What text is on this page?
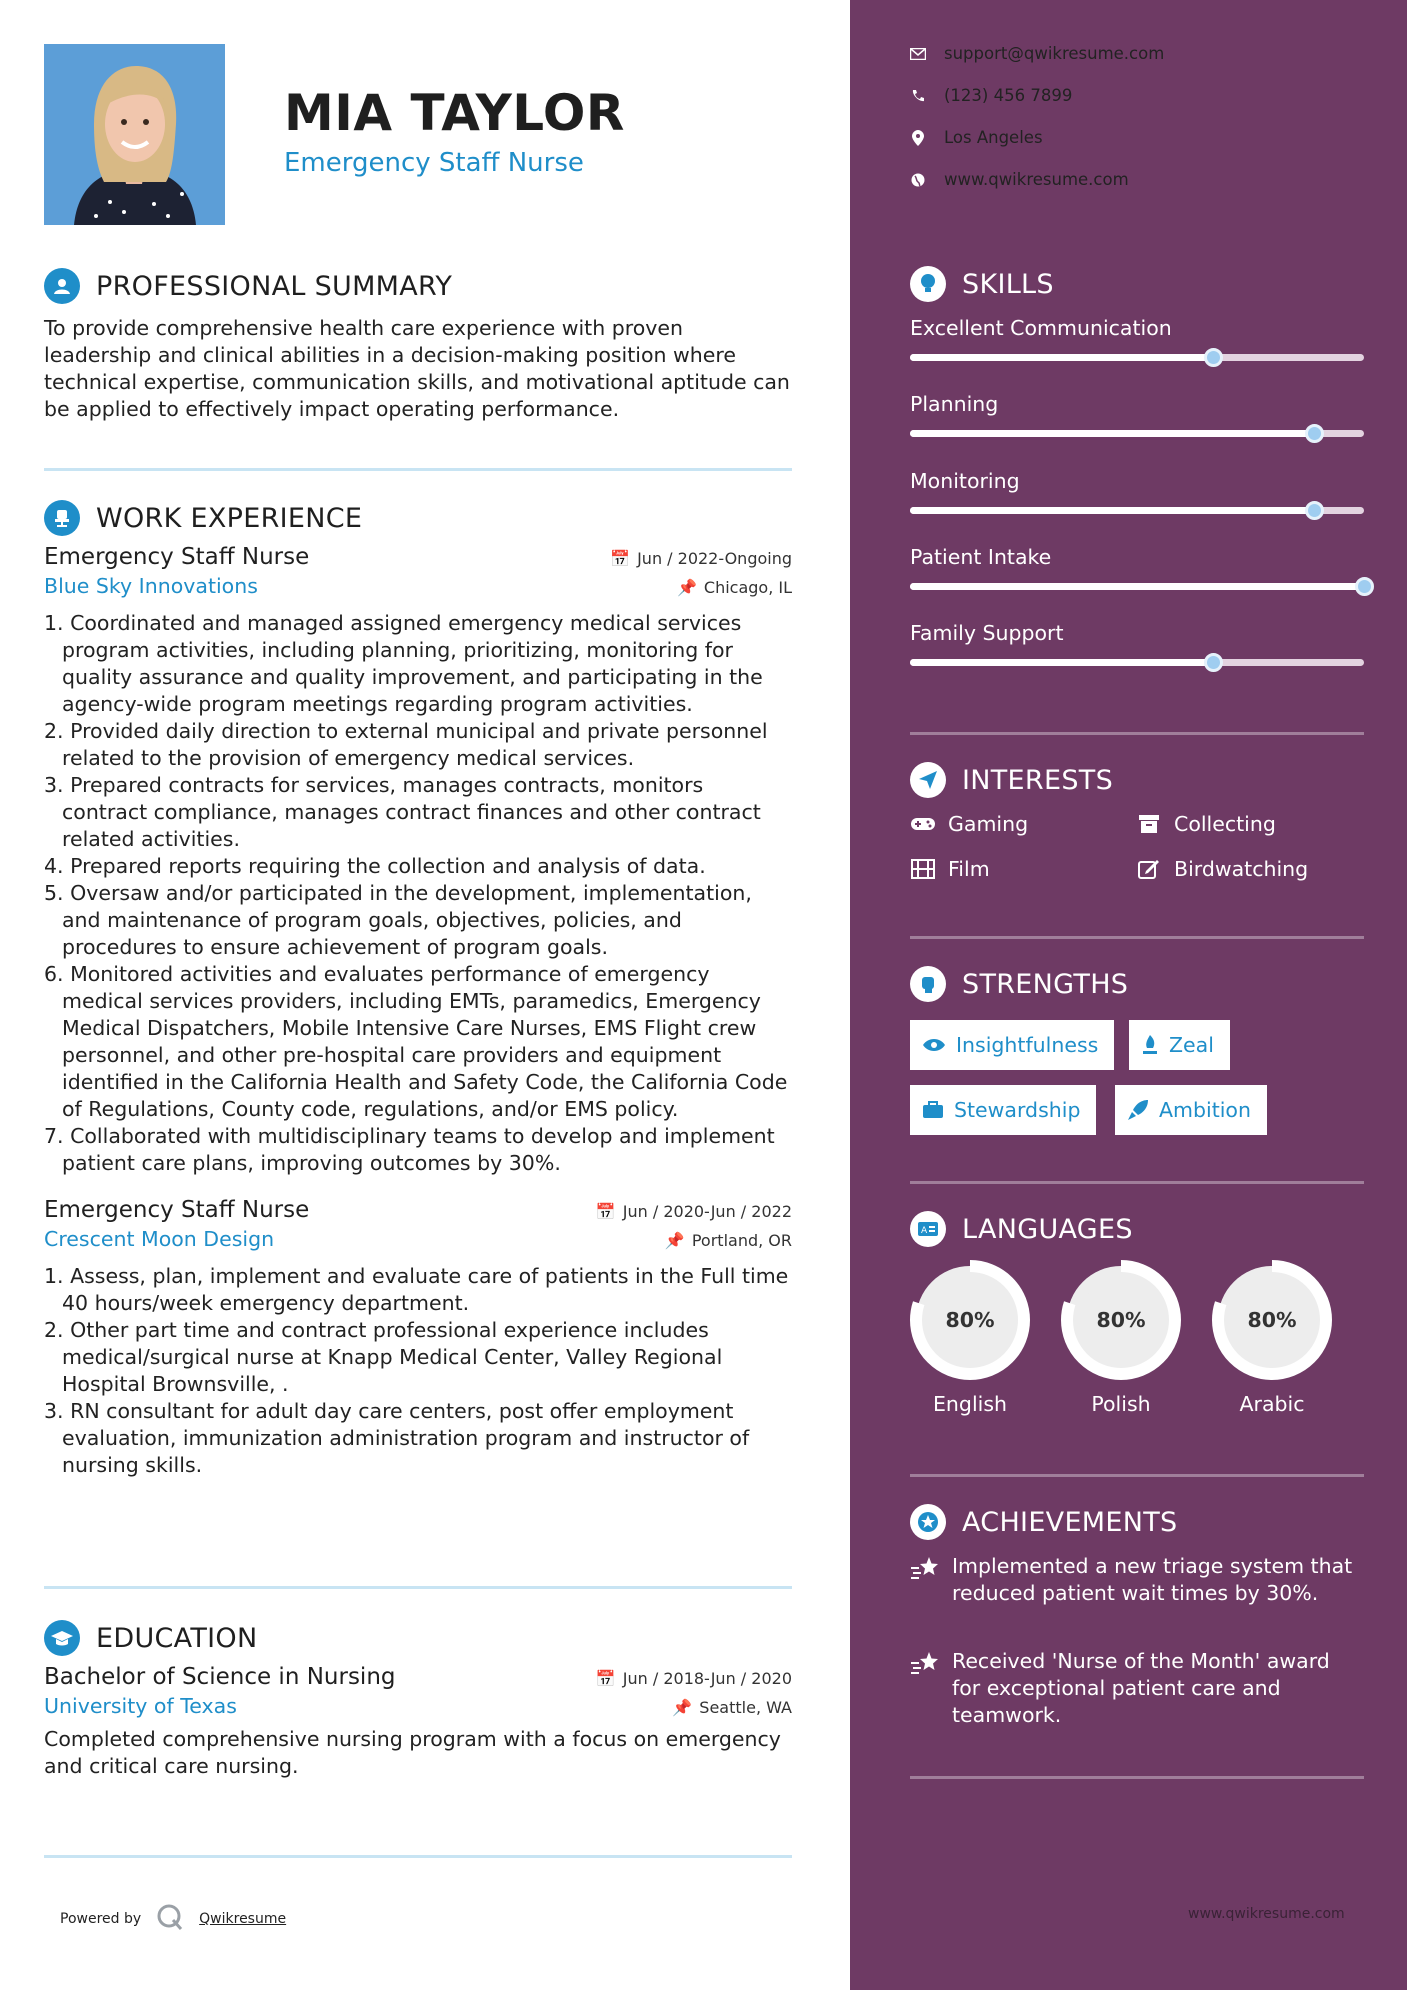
MIA TAYLOR
Emergency Staff Nurse
PROFESSIONAL SUMMARY
To provide comprehensive health care experience with proven leadership and clinical abilities in a decision-making position where technical expertise, communication skills, and motivational aptitude can be applied to effectively impact operating performance.
WORK EXPERIENCE
Emergency Staff Nurse	📅 Jun / 2022-Ongoing
Blue Sky Innovations	📌 Chicago, IL
1. Coordinated and managed assigned emergency medical services program activities, including planning, prioritizing, monitoring for quality assurance and quality improvement, and participating in the agency-wide program meetings regarding program activities.
2. Provided daily direction to external municipal and private personnel related to the provision of emergency medical services.
3. Prepared contracts for services, manages contracts, monitors contract compliance, manages contract finances and other contract related activities.
4. Prepared reports requiring the collection and analysis of data.
5. Oversaw and/or participated in the development, implementation, and maintenance of program goals, objectives, policies, and procedures to ensure achievement of program goals.
6. Monitored activities and evaluates performance of emergency medical services providers, including EMTs, paramedics, Emergency Medical Dispatchers, Mobile Intensive Care Nurses, EMS Flight crew personnel, and other pre-hospital care providers and equipment identified in the California Health and Safety Code, the California Code of Regulations, County code, regulations, and/or EMS policy.
7. Collaborated with multidisciplinary teams to develop and implement patient care plans, improving outcomes by 30%.
Emergency Staff Nurse	📅 Jun / 2020-Jun / 2022
Crescent Moon Design	📌 Portland, OR
1. Assess, plan, implement and evaluate care of patients in the Full time 40 hours/week emergency department.
2. Other part time and contract professional experience includes medical/surgical nurse at Knapp Medical Center, Valley Regional Hospital Brownsville, .
3. RN consultant for adult day care centers, post offer employment evaluation, immunization administration program and instructor of nursing skills.
EDUCATION
Bachelor of Science in Nursing	📅 Jun / 2018-Jun / 2020
University of Texas	📌 Seattle, WA
Completed comprehensive nursing program with a focus on emergency and critical care nursing.
Powered by	Qwikresume
support@qwikresume.com
(123) 456 7899
Los Angeles
www.qwikresume.com
SKILLS
Excellent Communication
Planning
Monitoring
Patient Intake
Family Support
INTERESTS
Gaming	Collecting
Film	Birdwatching
STRENGTHS
Insightfulness	Zeal
Stewardship	Ambition
A LANGUAGES
80%
English
80%
Polish
80%
Arabic
ACHIEVEMENTS
Implemented a new triage system that reduced patient wait times by 30%.
Received 'Nurse of the Month' award for exceptional patient care and teamwork.
www.qwikresume.com
